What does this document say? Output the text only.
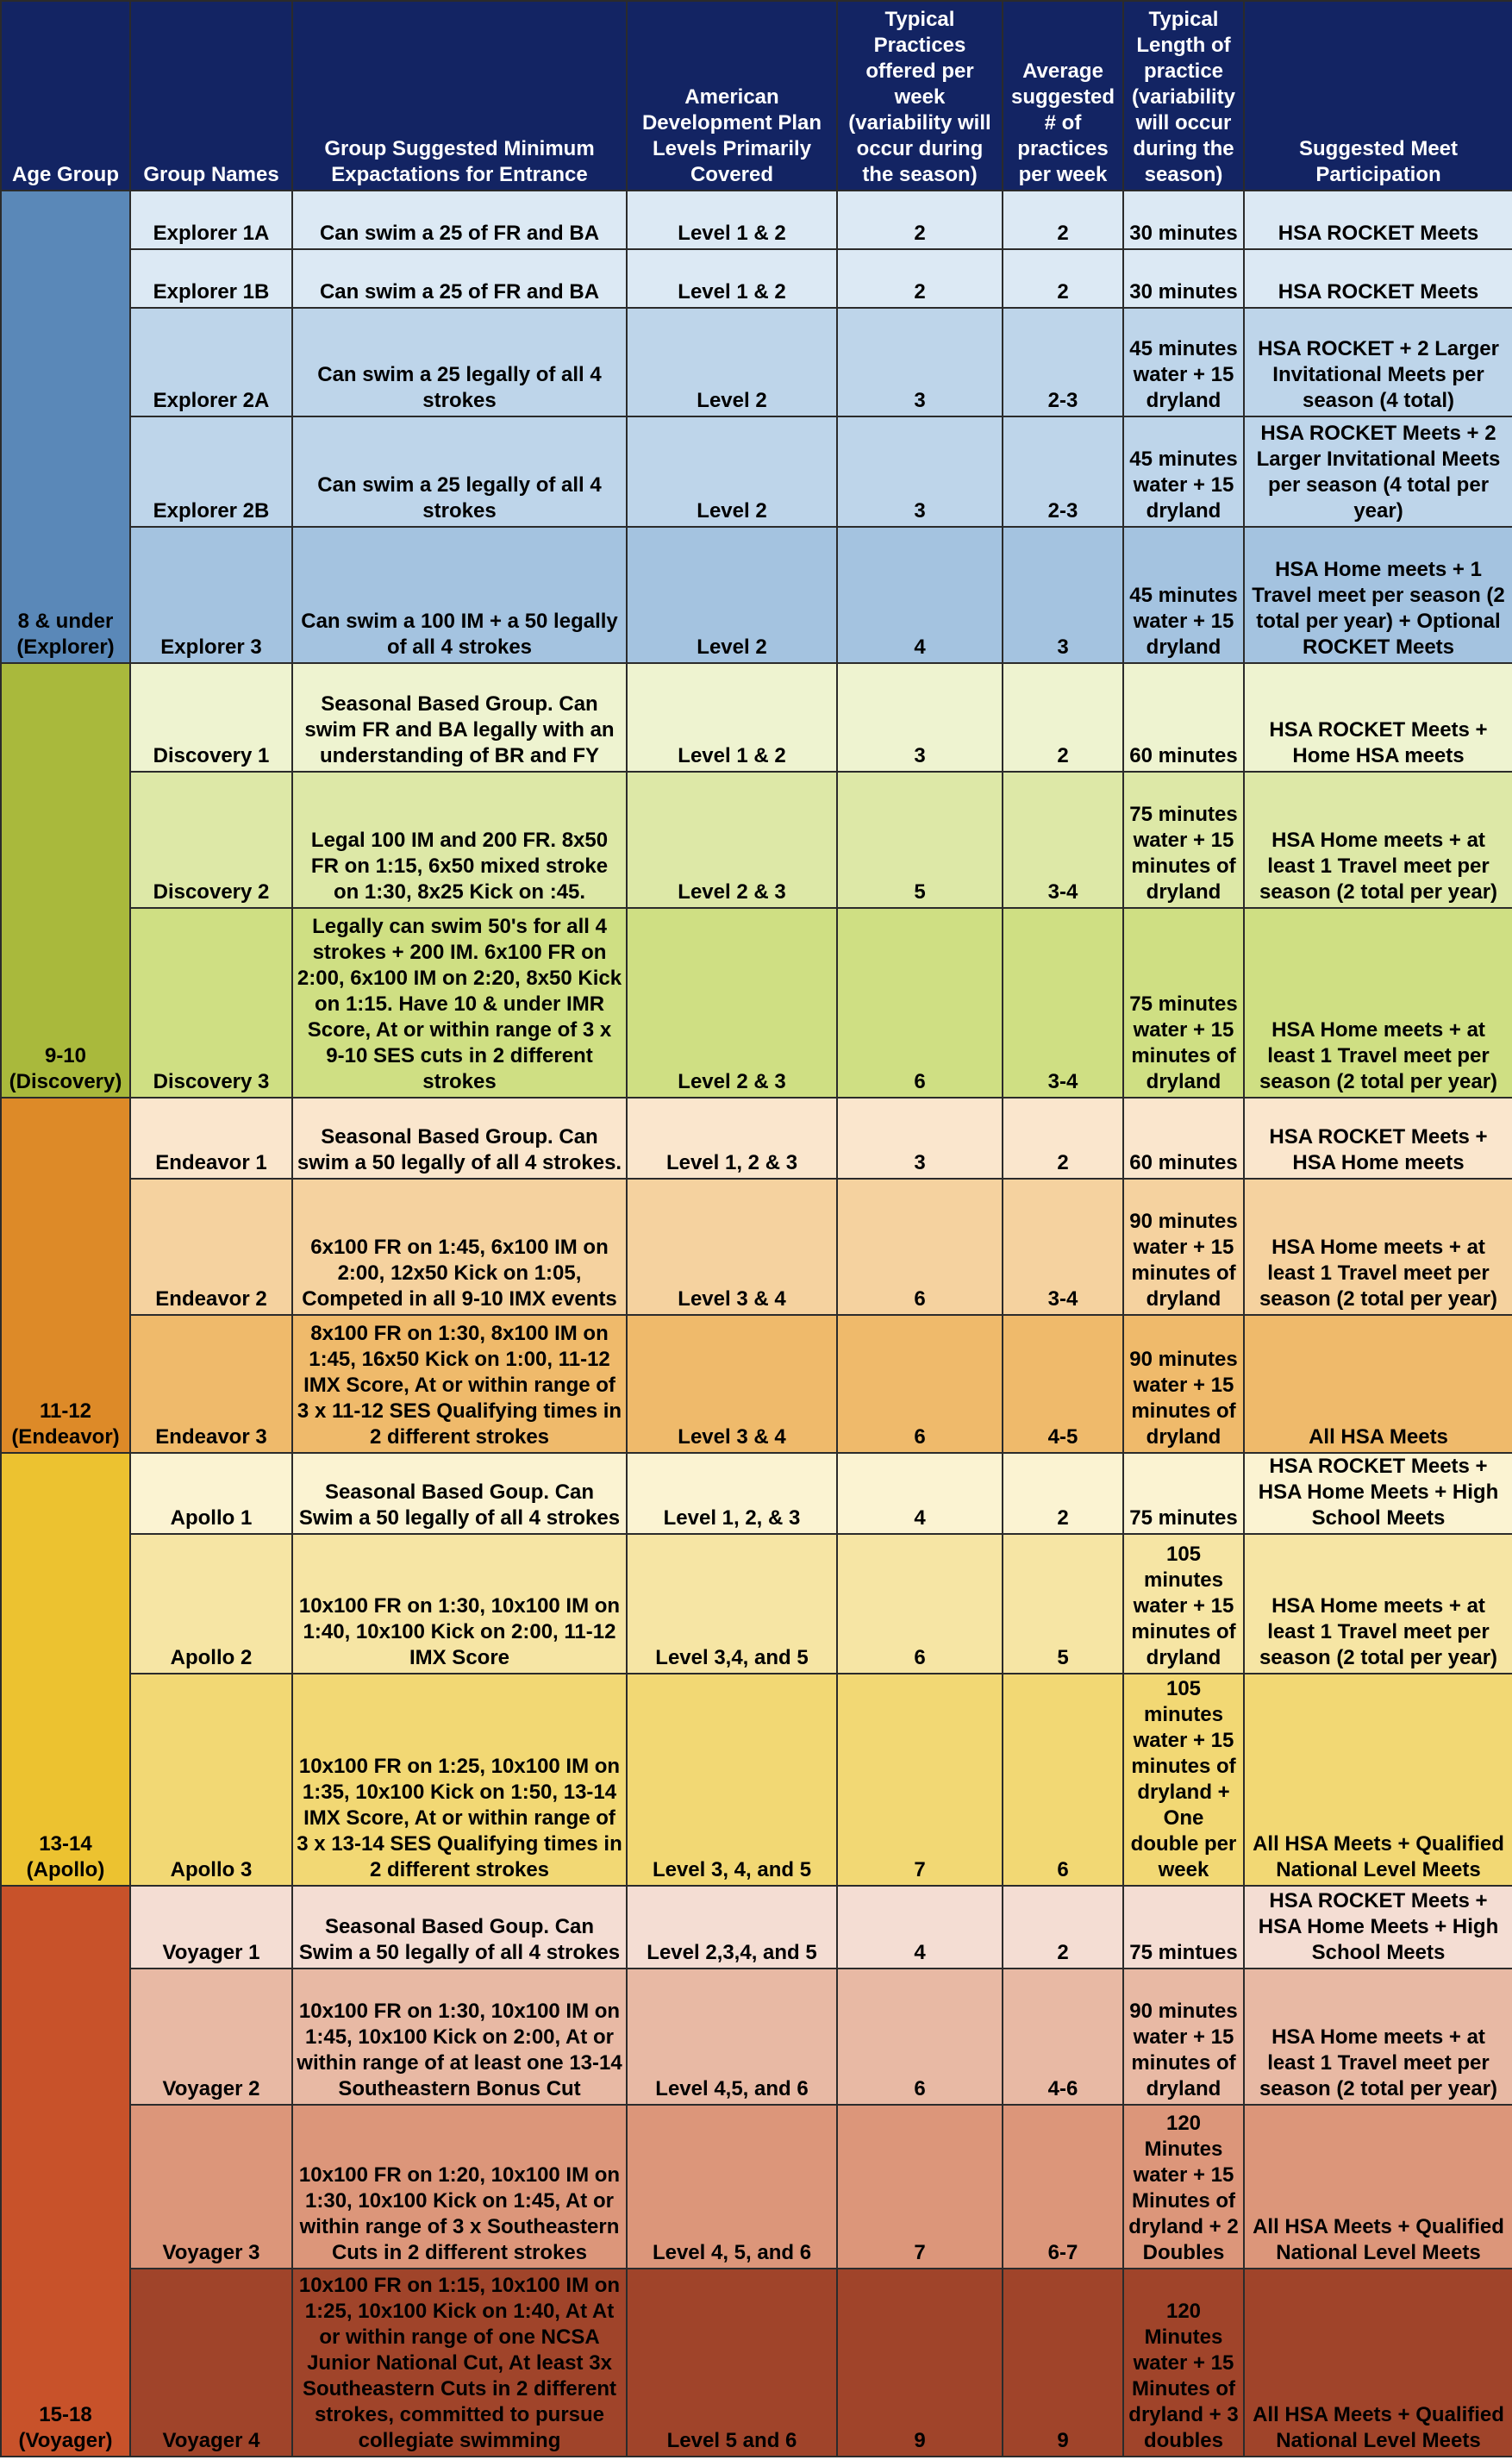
Age Group	Group Names	Group Suggested Minimum Expactations for Entrance	American Development Plan Levels Primarily Covered	Typical Practices offered per week (variability will occur during the season)	Average suggested # of practices per week	Typical Length of practice (variability will occur during the season)	Suggested Meet Participation
8 & under (Explorer)	Explorer 1A	Can swim a 25 of FR and BA	Level 1 & 2	2	2	30 minutes	HSA ROCKET Meets
	Explorer 1B	Can swim a 25 of FR and BA	Level 1 & 2	2	2	30 minutes	HSA ROCKET Meets
	Explorer 2A	Can swim a 25 legally of all 4 strokes	Level 2	3	2-3	45 minutes water + 15 dryland	HSA ROCKET + 2 Larger Invitational Meets per season (4 total)
	Explorer 2B	Can swim a 25 legally of all 4 strokes	Level 2	3	2-3	45 minutes water + 15 dryland	HSA ROCKET Meets + 2 Larger Invitational Meets per season (4 total per year)
	Explorer 3	Can swim a 100 IM + a 50 legally of all 4 strokes	Level 2	4	3	45 minutes water + 15 dryland	HSA Home meets + 1 Travel meet per season (2 total per year) + Optional ROCKET Meets
9-10 (Discovery)	Discovery 1	Seasonal Based Group. Can swim FR and BA legally with an understanding of BR and FY	Level 1 & 2	3	2	60 minutes	HSA ROCKET Meets + Home HSA meets
	Discovery 2	Legal 100 IM and 200 FR. 8x50 FR on 1:15, 6x50 mixed stroke on 1:30, 8x25 Kick on :45.	Level 2 & 3	5	3-4	75 minutes water + 15 minutes of dryland	HSA Home meets + at least 1 Travel meet per season (2 total per year)
	Discovery 3	Legally can swim 50's for all 4 strokes + 200 IM. 6x100 FR on 2:00, 6x100 IM on 2:20, 8x50 Kick on 1:15. Have 10 & under IMR Score, At or within range of 3 x 9-10 SES cuts in 2 different strokes	Level 2 & 3	6	3-4	75 minutes water + 15 minutes of dryland	HSA Home meets + at least 1 Travel meet per season (2 total per year)
11-12 (Endeavor)	Endeavor 1	Seasonal Based Group. Can swim a 50 legally of all 4 strokes.	Level 1, 2 & 3	3	2	60 minutes	HSA ROCKET Meets + HSA Home meets
	Endeavor 2	6x100 FR on 1:45, 6x100 IM on 2:00, 12x50 Kick on 1:05, Competed in all 9-10 IMX events	Level 3 & 4	6	3-4	90 minutes water + 15 minutes of dryland	HSA Home meets + at least 1 Travel meet per season (2 total per year)
	Endeavor 3	8x100 FR on 1:30, 8x100 IM on 1:45, 16x50 Kick on 1:00, 11-12 IMX Score, At or within range of 3 x 11-12 SES Qualifying times in 2 different strokes	Level 3 & 4	6	4-5	90 minutes water + 15 minutes of dryland	All HSA Meets
13-14 (Apollo)	Apollo 1	Seasonal Based Goup. Can Swim a 50 legally of all 4 strokes	Level 1, 2, & 3	4	2	75 minutes	HSA ROCKET Meets + HSA Home Meets + High School Meets
	Apollo 2	10x100 FR on 1:30, 10x100 IM on 1:40, 10x100 Kick on 2:00, 11-12 IMX Score	Level 3,4, and 5	6	5	105 minutes water + 15 minutes of dryland	HSA Home meets + at least 1 Travel meet per season (2 total per year)
	Apollo 3	10x100 FR on 1:25, 10x100 IM on 1:35, 10x100 Kick on 1:50, 13-14 IMX Score, At or within range of 3 x 13-14 SES Qualifying times in 2 different strokes	Level 3, 4, and 5	7	6	105 minutes water + 15 minutes of dryland + One double per week	All HSA Meets + Qualified National Level Meets
15-18 (Voyager)	Voyager 1	Seasonal Based Goup. Can Swim a 50 legally of all 4 strokes	Level 2,3,4, and 5	4	2	75 mintues	HSA ROCKET Meets + HSA Home Meets + High School Meets
	Voyager 2	10x100 FR on 1:30, 10x100 IM on 1:45, 10x100 Kick on 2:00, At or within range of at least one 13-14 Southeastern Bonus Cut	Level 4,5, and 6	6	4-6	90 minutes water + 15 minutes of dryland	HSA Home meets + at least 1 Travel meet per season (2 total per year)
	Voyager 3	10x100 FR on 1:20, 10x100 IM on 1:30, 10x100 Kick on 1:45, At or within range of 3 x Southeastern Cuts in 2 different strokes	Level 4, 5, and 6	7	6-7	120 Minutes water + 15 Minutes of dryland + 2 Doubles	All HSA Meets + Qualified National Level Meets
	Voyager 4	10x100 FR on 1:15, 10x100 IM on 1:25, 10x100 Kick on 1:40, At At or within range of one NCSA Junior National Cut, At least 3x Southeastern Cuts in 2 different strokes, committed to pursue collegiate swimming	Level 5 and 6	9	9	120 Minutes water + 15 Minutes of dryland + 3 doubles	All HSA Meets + Qualified National Level Meets
